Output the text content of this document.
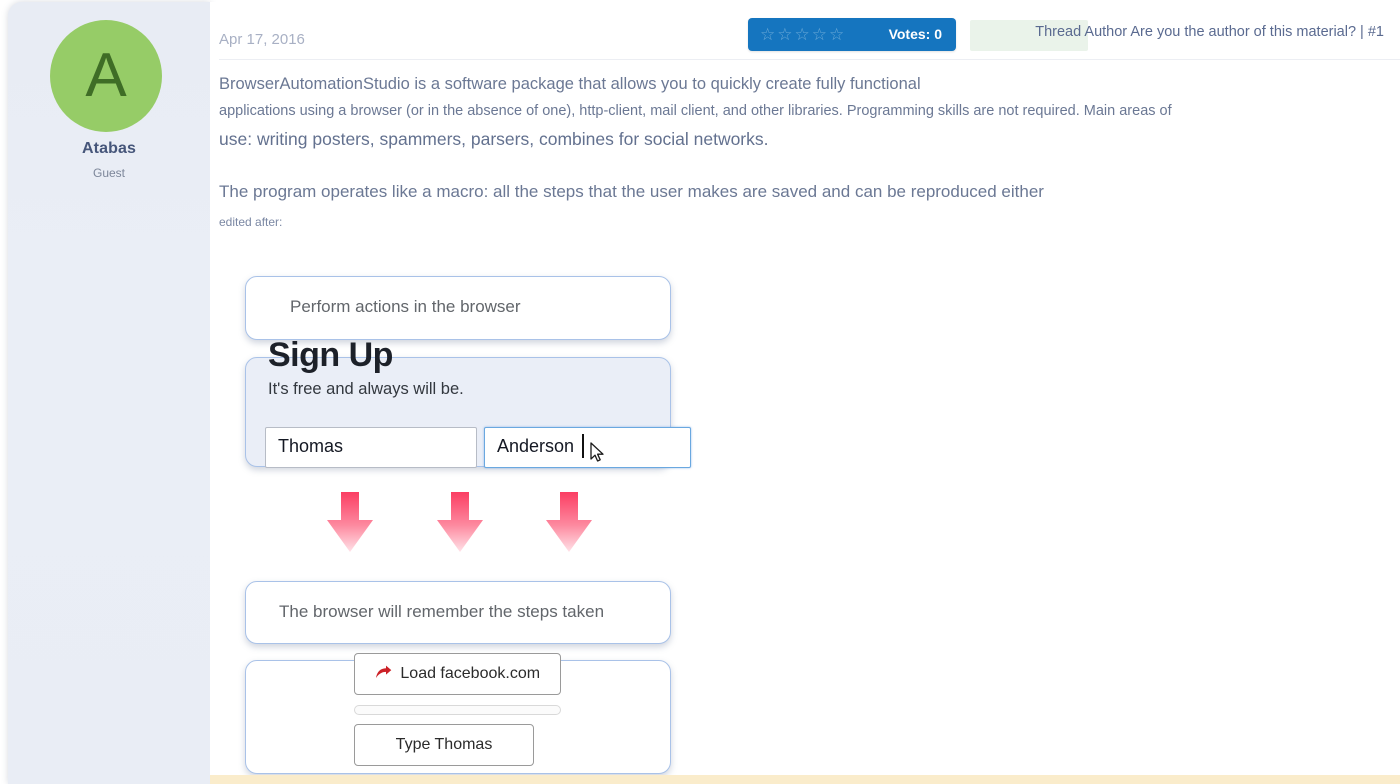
A
Atabas
Guest
Apr 17, 2016	☆☆☆☆☆	Votes: 0	Thread Author Are you the author of this material? | #1
BrowserAutomationStudio is a software package that allows you to quickly create fully functional
applications using a browser (or in the absence of one), http-client, mail client, and other libraries. Programming skills are not required. Main areas of
use: writing posters, spammers, parsers, combines for social networks.
The program operates like a macro: all the steps that the user makes are saved and can be reproduced either
edited after:
Perform actions in the browser
Sign Up
It's free and always will be.
Thomas	Anderson
The browser will remember the steps taken
Load facebook.com
Type Thomas
